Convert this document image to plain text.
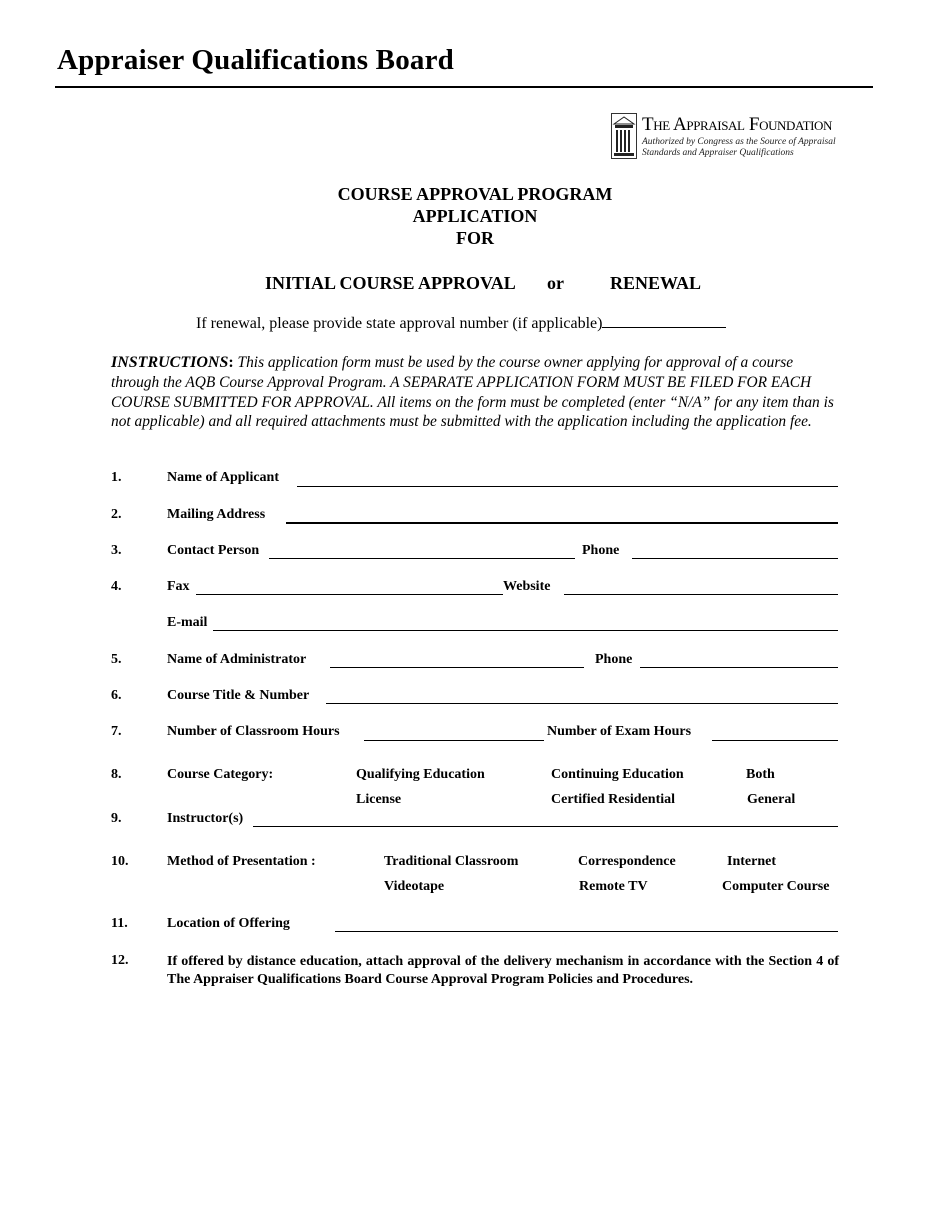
Appraiser Qualifications Board
The Appraisal Foundation
Authorized by Congress as the Source of Appraisal
Standards and Appraiser Qualifications
COURSE APPROVAL PROGRAM
APPLICATION
FOR
INITIAL COURSE APPROVAL or	RENEWAL
If renewal, please provide state approval number (if applicable)
INSTRUCTIONS: This application form must be used by the course owner applying for approval of a course through the AQB Course Approval Program. A SEPARATE APPLICATION FORM MUST BE FILED FOR EACH COURSE SUBMITTED FOR APPROVAL. All items on the form must be completed (enter “N/A” for any item than is not applicable) and all required attachments must be submitted with the application including the application fee.
1.	Name of Applicant
2.	Mailing Address
3.	Contact Person	Phone
4.	Fax	Website
E-mail
5.	Name of Administrator	Phone
6.	Course Title & Number
7.	Number of Classroom Hours	Number of Exam Hours
8.	Course Category:	Qualifying Education	Continuing Education	Both
License	Certified Residential	General
9.	Instructor(s)
10.	Method of Presentation :	Traditional Classroom	Correspondence	Internet
Videotape	Remote TV	Computer Course
11.	Location of Offering
12.	If offered by distance education, attach approval of the delivery mechanism in accordance with the Section 4 of The Appraiser Qualifications Board Course Approval Program Policies and Procedures.
